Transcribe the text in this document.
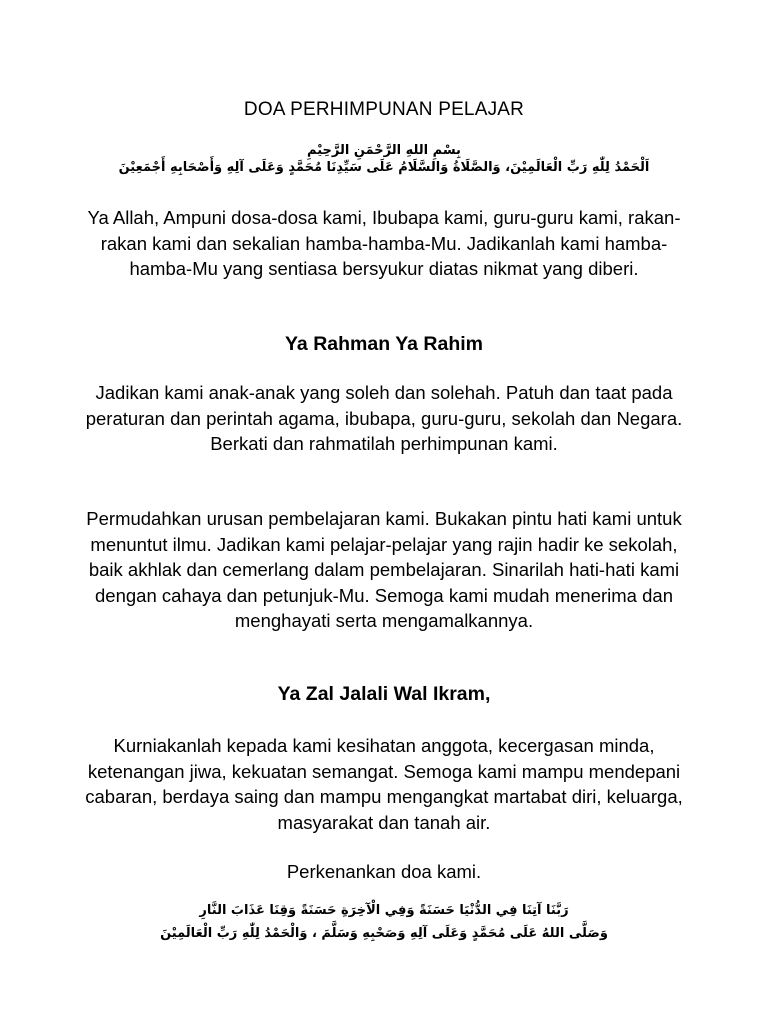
DOA PERHIMPUNAN PELAJAR
بِسْمِ اللهِ الرَّحْمَنِ الرَّحِيْمِ
اَلْحَمْدُ لِلّٰهِ رَبِّ الْعَالَمِيْنَ، وَالصَّلَاةُ وَالسَّلَامُ عَلَى سَيِّدِنَا مُحَمَّدٍ وَعَلَى آلِهِ وَأَصْحَابِهِ أَجْمَعِيْنَ
Ya Allah, Ampuni dosa-dosa kami, Ibubapa kami, guru-guru kami, rakan-rakan kami dan sekalian hamba-hamba-Mu. Jadikanlah kami hamba-hamba-Mu yang sentiasa bersyukur diatas nikmat yang diberi.
Ya Rahman Ya Rahim
Jadikan kami anak-anak yang soleh dan solehah. Patuh dan taat pada peraturan dan perintah agama, ibubapa, guru-guru, sekolah dan Negara. Berkati dan rahmatilah perhimpunan kami.
Permudahkan urusan pembelajaran kami. Bukakan pintu hati kami untuk menuntut ilmu. Jadikan kami pelajar-pelajar yang rajin hadir ke sekolah, baik akhlak dan cemerlang dalam pembelajaran. Sinarilah hati-hati kami dengan cahaya dan petunjuk-Mu. Semoga kami mudah menerima dan menghayati serta mengamalkannya.
Ya Zal Jalali Wal Ikram,
Kurniakanlah kepada kami kesihatan anggota, kecergasan minda, ketenangan jiwa, kekuatan semangat. Semoga kami mampu mendepani cabaran, berdaya saing dan mampu mengangkat martabat diri, keluarga, masyarakat dan tanah air.
Perkenankan doa kami.
رَبَّنَا آتِنَا فِي الدُّنْيَا حَسَنَةً وَفِي الْآخِرَةِ حَسَنَةً وَقِنَا عَذَابَ النَّارِ
وَصَلَّى اللهُ عَلَى مُحَمَّدٍ وَعَلَى آلِهِ وَصَحْبِهِ وَسَلَّمَ ، وَالْحَمْدُ لِلّٰهِ رَبِّ الْعَالَمِيْنَ
